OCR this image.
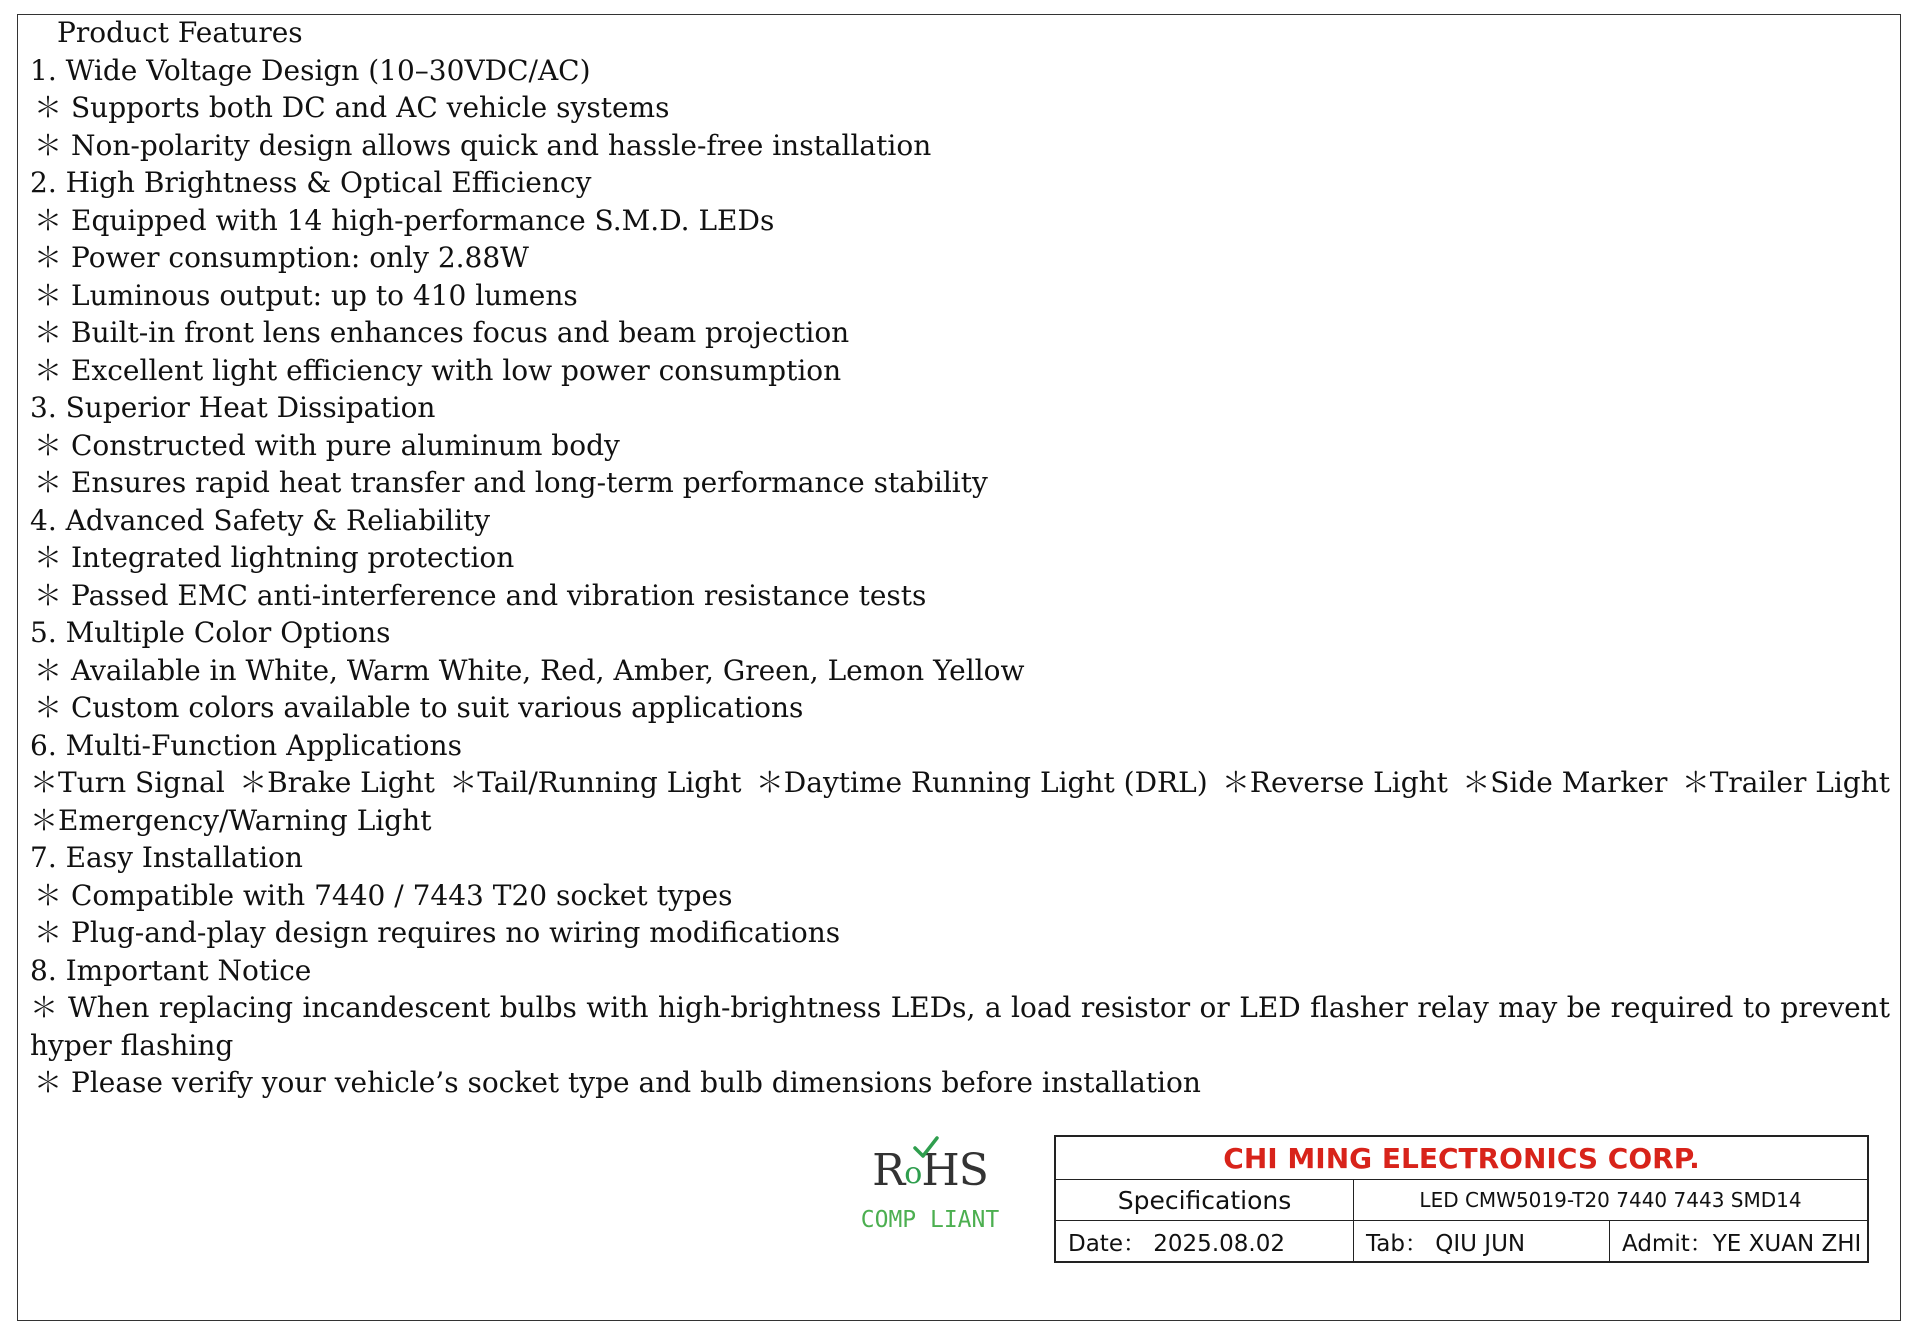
Product Features
1. Wide Voltage Design (10–30VDC/AC)
＊ Supports both DC and AC vehicle systems
＊ Non-polarity design allows quick and hassle-free installation
2. High Brightness & Optical Efficiency
＊ Equipped with 14 high-performance S.M.D. LEDs
＊ Power consumption: only 2.88W
＊ Luminous output: up to 410 lumens
＊ Built-in front lens enhances focus and beam projection
＊ Excellent light efficiency with low power consumption
3. Superior Heat Dissipation
＊ Constructed with pure aluminum body
＊ Ensures rapid heat transfer and long-term performance stability
4. Advanced Safety & Reliability
＊ Integrated lightning protection
＊ Passed EMC anti-interference and vibration resistance tests
5. Multiple Color Options
＊ Available in White, Warm White, Red, Amber, Green, Lemon Yellow
＊ Custom colors available to suit various applications
6. Multi-Function Applications
＊Turn Signal ＊Brake Light ＊Tail/Running Light ＊Daytime Running Light (DRL) ＊Reverse Light ＊Side Marker ＊Trailer Light
＊Emergency/Warning Light
7. Easy Installation
＊ Compatible with 7440 / 7443 T20 socket types
＊ Plug-and-play design requires no wiring modifications
8. Important Notice
＊ When replacing incandescent bulbs with high-brightness LEDs, a load resistor or LED flasher relay may be required to prevent hyper flashing
＊ Please verify your vehicle’s socket type and bulb dimensions before installation
RoHS
COMP LIANT
CHI MING ELECTRONICS CORP.
Specifications	LED CMW5019-T20 7440 7443 SMD14
Date： 2025.08.02	Tab： QIU JUN	Admit：YE XUAN ZHI
